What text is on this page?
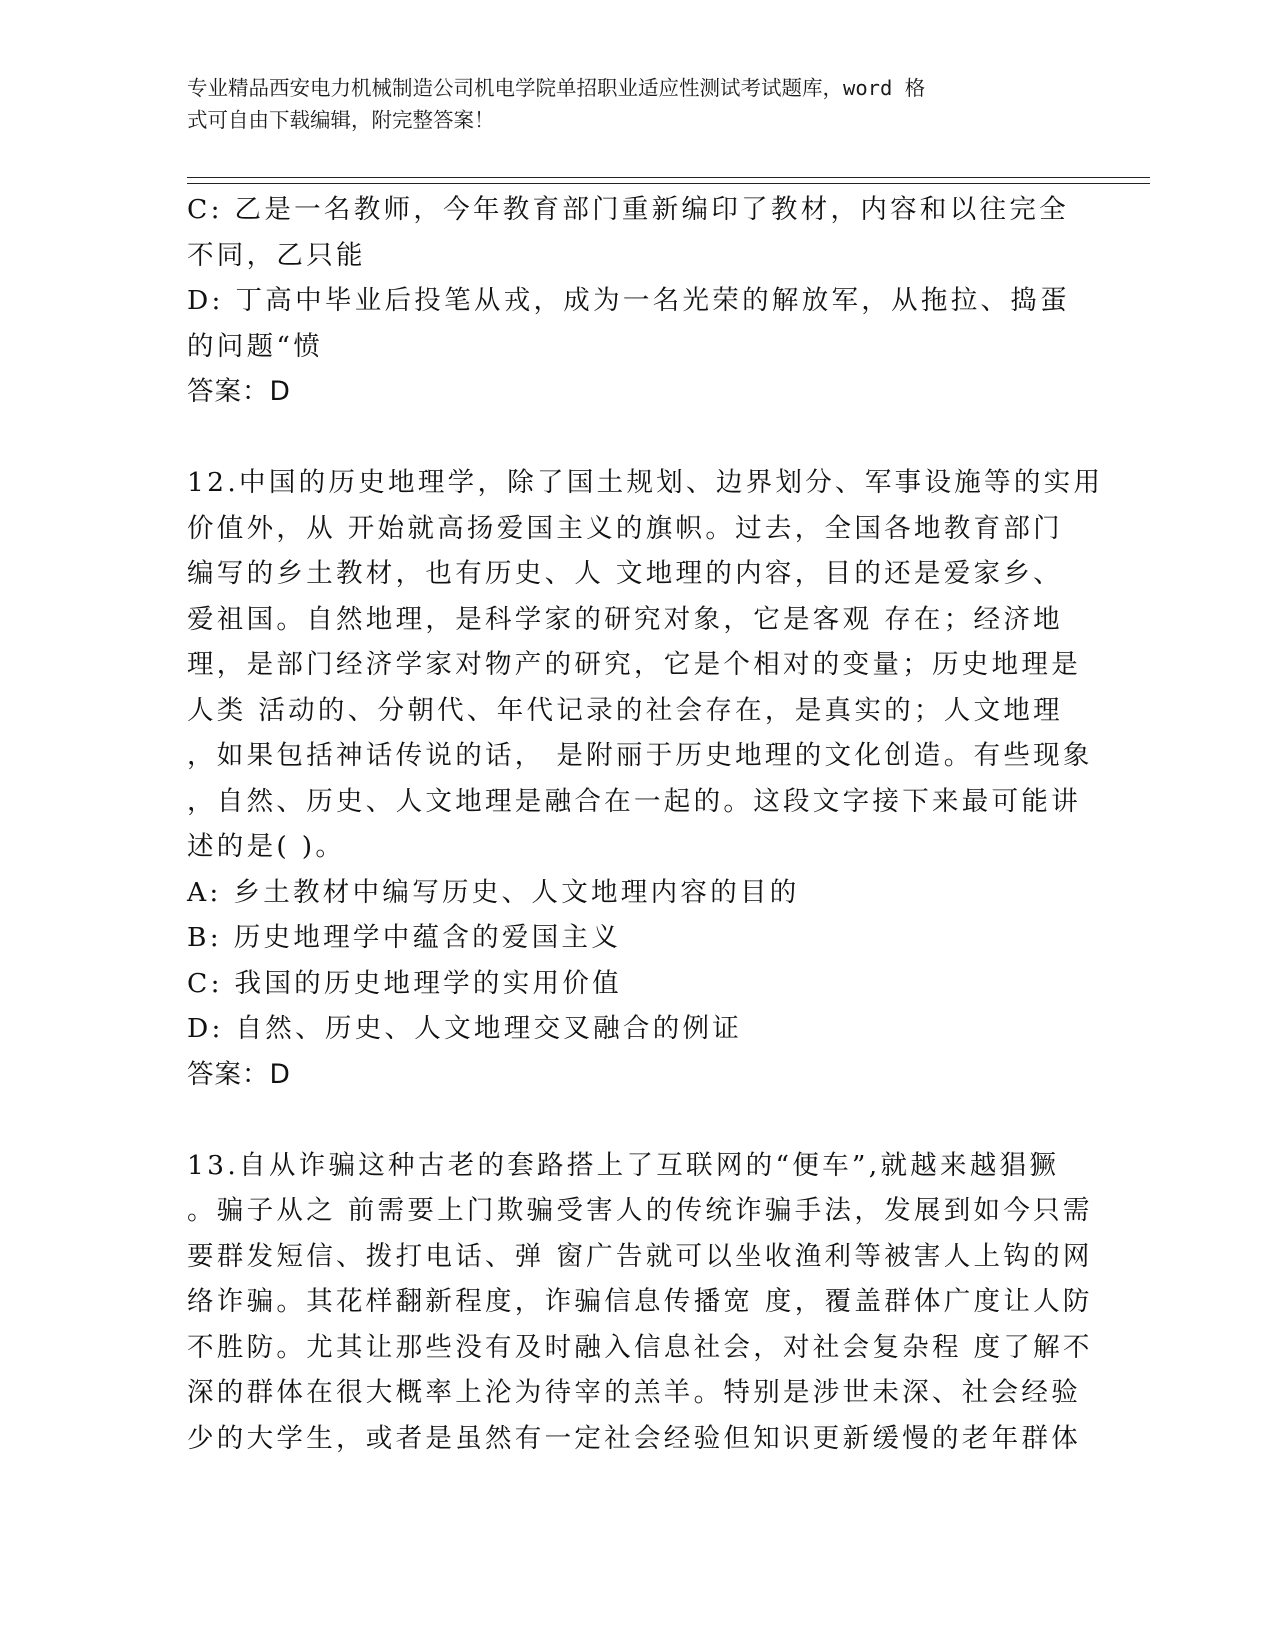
专业精品西安电力机械制造公司机电学院单招职业适应性测试考试题库，word 格
式可自由下载编辑，附完整答案！
C: 乙是一名教师，今年教育部门重新编印了教材，内容和以往完全
不同，乙只能
D: 丁高中毕业后投笔从戎，成为一名光荣的解放军，从拖拉、捣蛋
的问题“愤
答案：D
12.中国的历史地理学，除了国土规划、边界划分、军事设施等的实用
价值外，从 开始就高扬爱国主义的旗帜。过去，全国各地教育部门
编写的乡土教材，也有历史、人 文地理的内容，目的还是爱家乡、
爱祖国。自然地理，是科学家的研究对象，它是客观 存在；经济地
理，是部门经济学家对物产的研究，它是个相对的变量；历史地理是
人类 活动的、分朝代、年代记录的社会存在，是真实的；人文地理
，如果包括神话传说的话， 是附丽于历史地理的文化创造。有些现象
，自然、历史、人文地理是融合在一起的。这段文字接下来最可能讲
述的是( )。
A: 乡土教材中编写历史、人文地理内容的目的
B: 历史地理学中蕴含的爱国主义
C: 我国的历史地理学的实用价值
D: 自然、历史、人文地理交叉融合的例证
答案：D
13.自从诈骗这种古老的套路搭上了互联网的“便车”,就越来越猖獗
。骗子从之 前需要上门欺骗受害人的传统诈骗手法，发展到如今只需
要群发短信、拨打电话、弹 窗广告就可以坐收渔利等被害人上钩的网
络诈骗。其花样翻新程度，诈骗信息传播宽 度，覆盖群体广度让人防
不胜防。尤其让那些没有及时融入信息社会，对社会复杂程 度了解不
深的群体在很大概率上沦为待宰的羔羊。特别是涉世未深、社会经验
少的大学生，或者是虽然有一定社会经验但知识更新缓慢的老年群体
